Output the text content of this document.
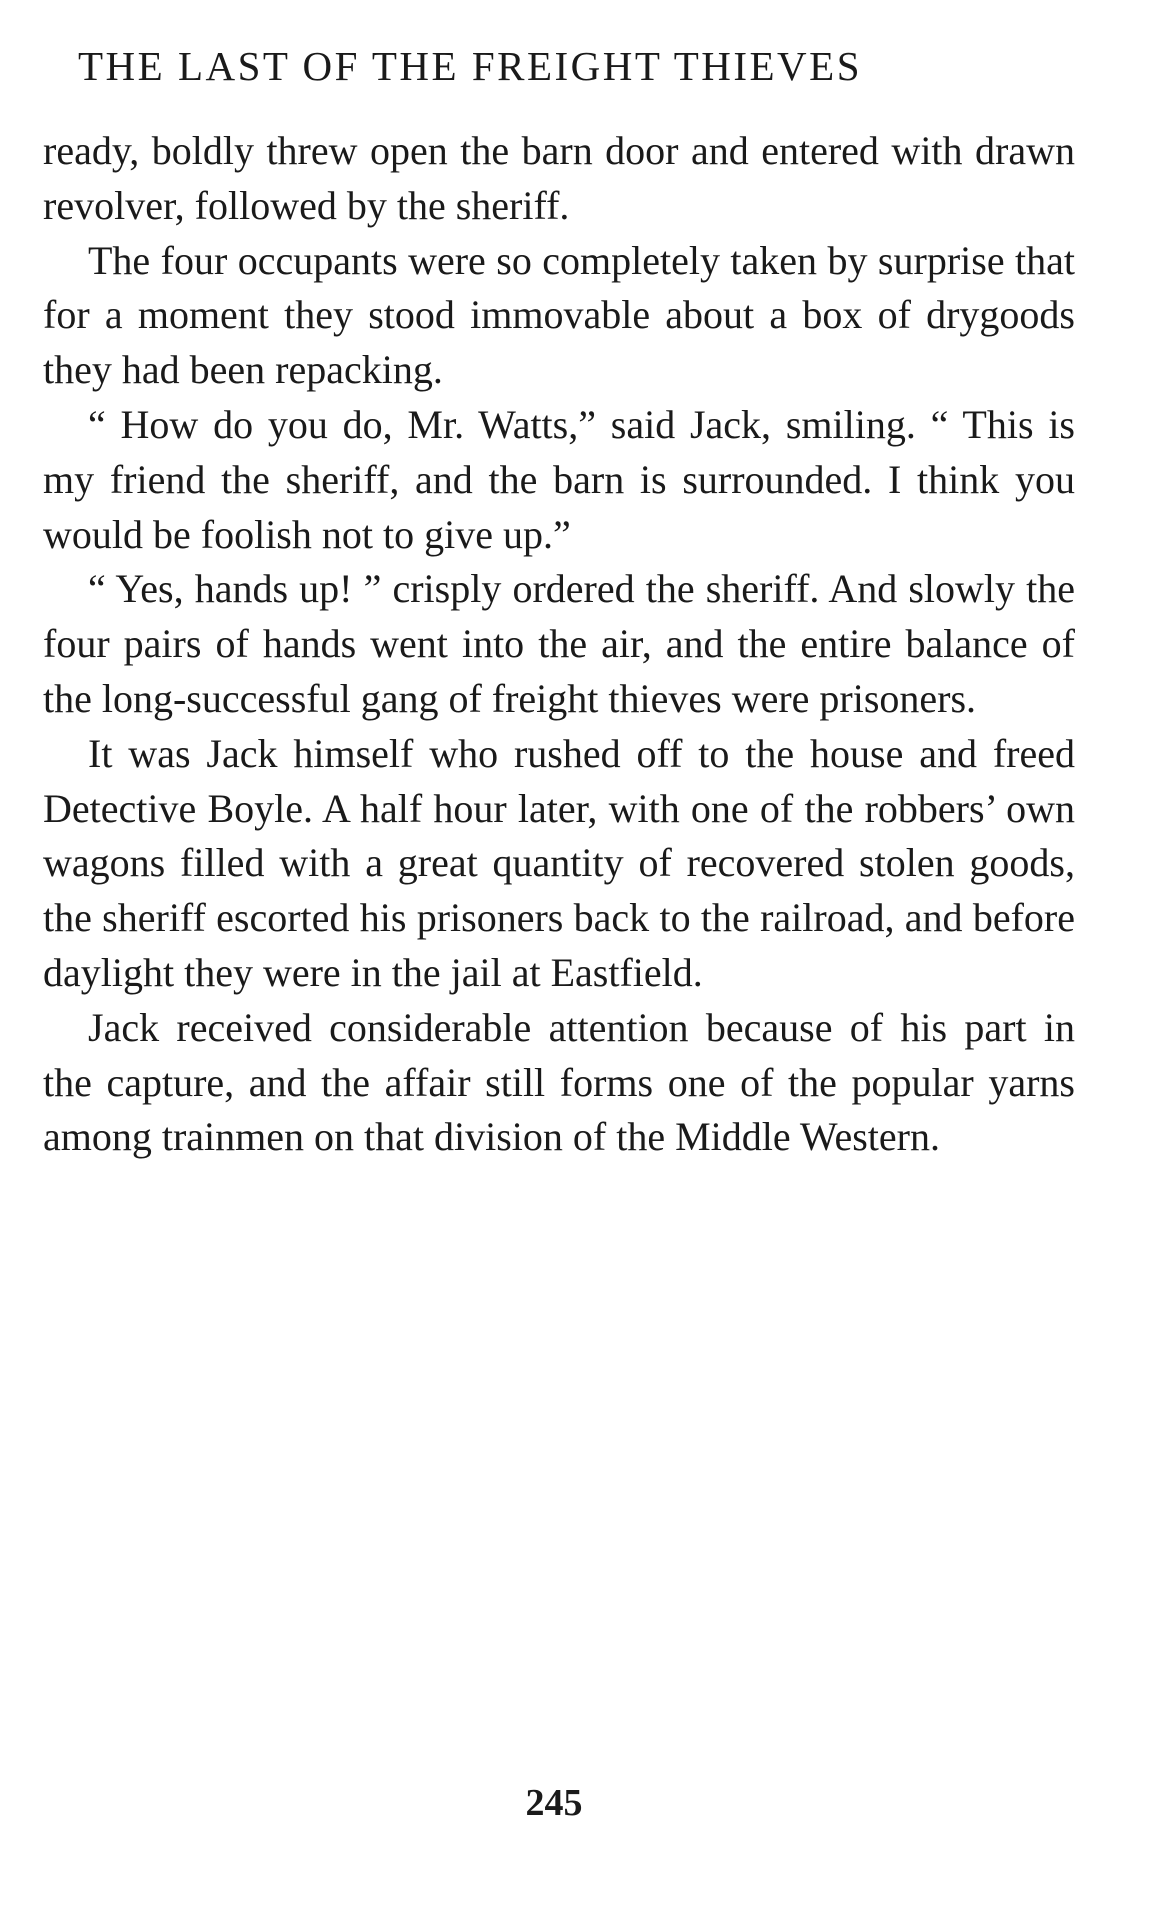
THE LAST OF THE FREIGHT THIEVES

ready, boldly threw open the barn door and entered with drawn revolver, followed by the sheriff.

The four occupants were so completely taken by surprise that for a moment they stood immovable about a box of drygoods they had been repacking.

“ How do you do, Mr. Watts,” said Jack, smiling. “ This is my friend the sheriff, and the barn is surrounded. I think you would be foolish not to give up.”

“ Yes, hands up! ” crisply ordered the sheriff. And slowly the four pairs of hands went into the air, and the entire balance of the long-successful gang of freight thieves were prisoners.

It was Jack himself who rushed off to the house and freed Detective Boyle. A half hour later, with one of the robbers’ own wagons filled with a great quantity of recovered stolen goods, the sheriff escorted his prisoners back to the railroad, and before daylight they were in the jail at Eastfield.

Jack received considerable attention because of his part in the capture, and the affair still forms one of the popular yarns among trainmen on that division of the Middle Western.

245
